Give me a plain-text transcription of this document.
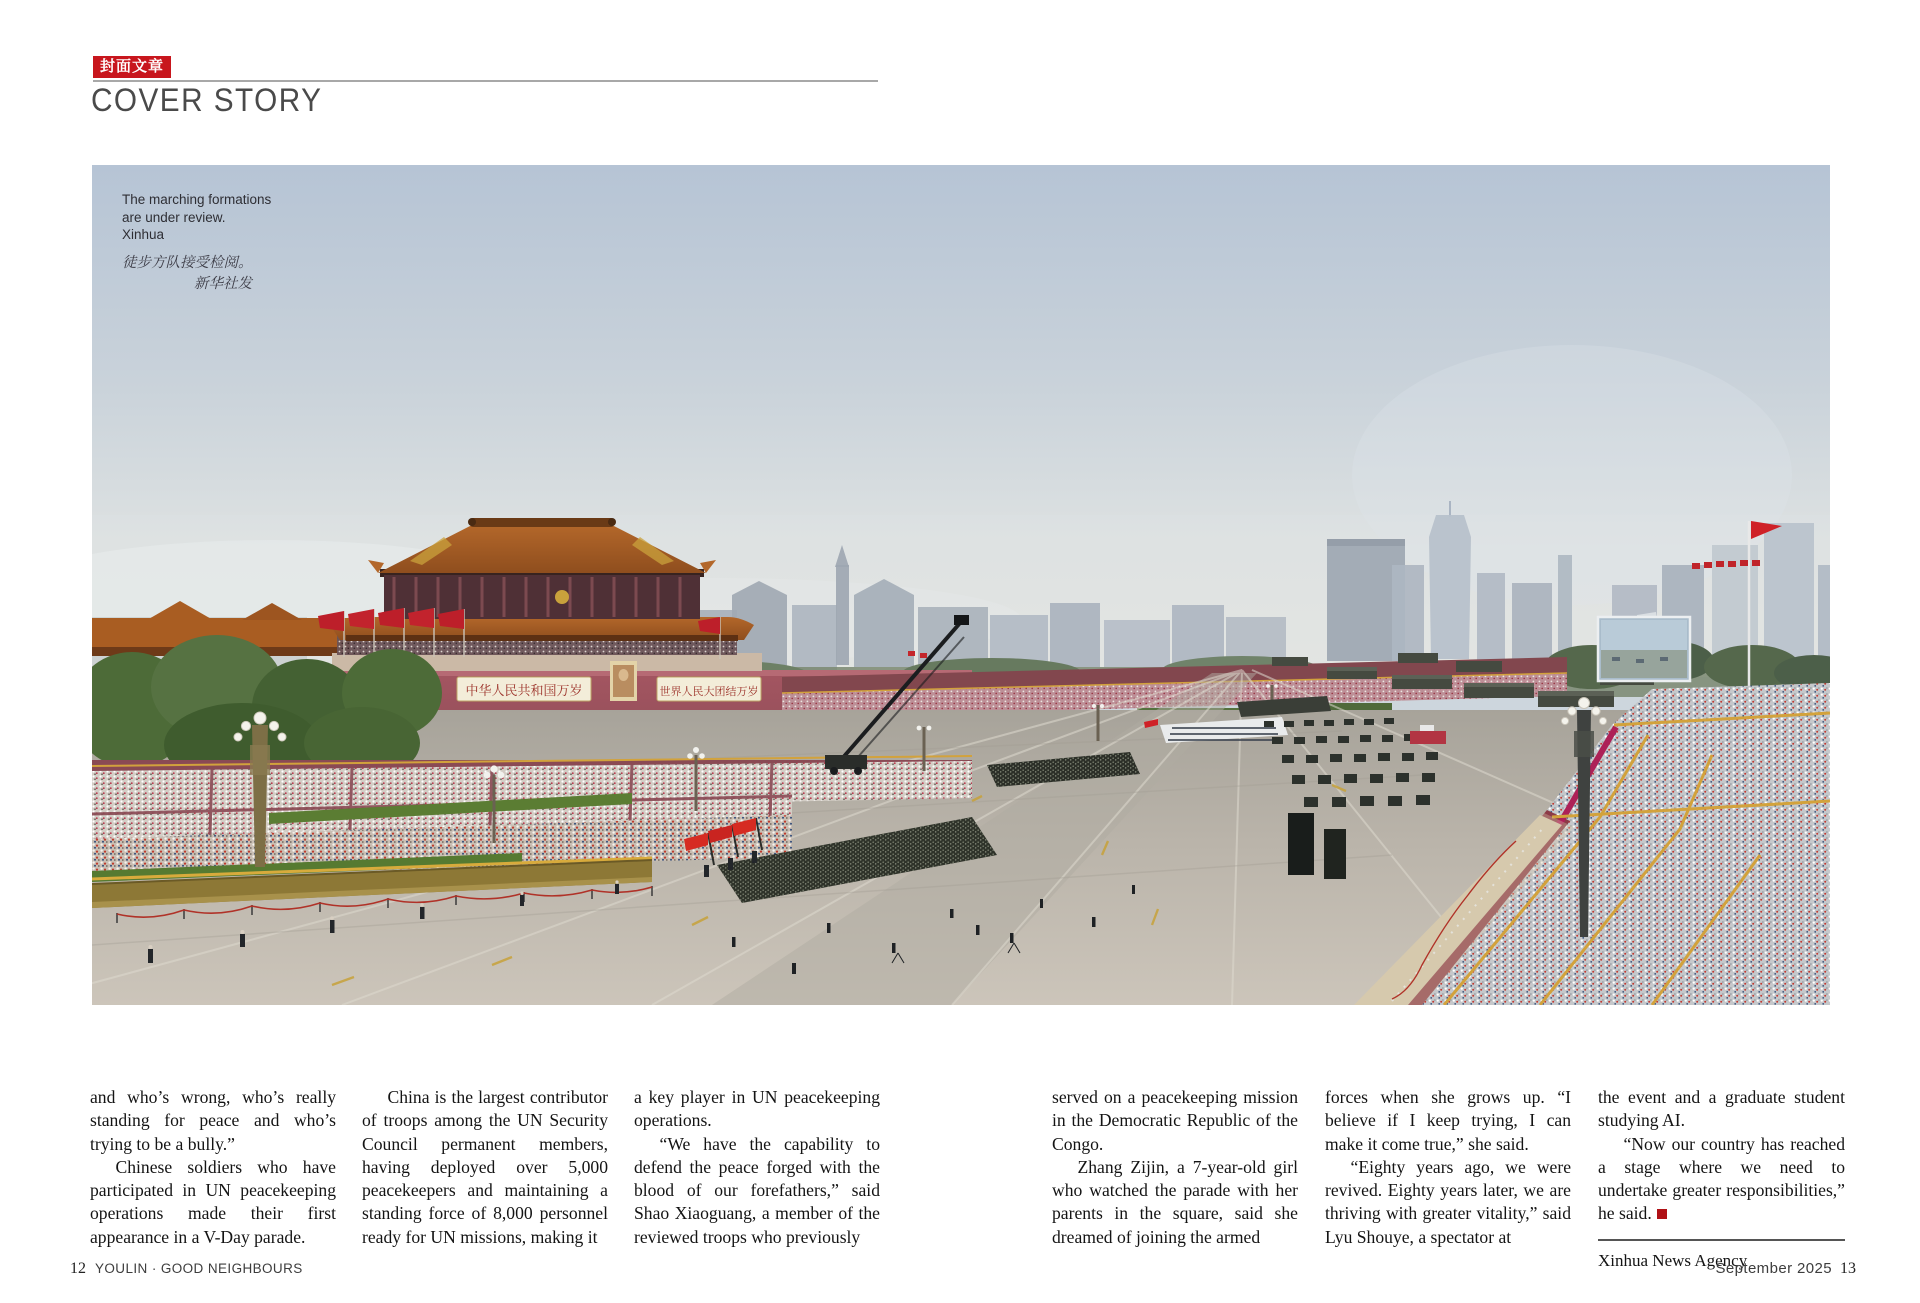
封面文章
COVER STORY
中华人民共和国万岁	世界人民大团结万岁
The marching formations
are under review.
Xinhua
徒步方队接受检阅。
新华社发

and who’s wrong, who’s really standing for peace and who’s trying to be a bully.”

Chinese soldiers who have participated in UN peacekeeping operations made their first appearance in a V-Day parade.

China is the largest contributor of troops among the UN Security Council permanent members, having deployed over 5,000 peacekeepers and maintaining a standing force of 8,000 personnel ready for UN missions, making it

a key player in UN peacekeeping operations.

“We have the capability to defend the peace forged with the blood of our forefathers,” said Shao Xiaoguang, a member of the reviewed troops who previously

served on a peacekeeping mission in the Democratic Republic of the Congo.

Zhang Zijin, a 7-year-old girl who watched the parade with her parents in the square, said she dreamed of joining the armed

forces when she grows up. “I believe if I keep trying, I can make it come true,” she said.

“Eighty years ago, we were revived. Eighty years later, we are thriving with greater vitality,” said Lyu Shouye, a spectator at

the event and a graduate student studying AI.

“Now our country has reached a stage where we need to undertake greater responsibilities,” he said.

Xinhua News Agency

12 YOULIN · GOOD NEIGHBOURS	September 2025 13
